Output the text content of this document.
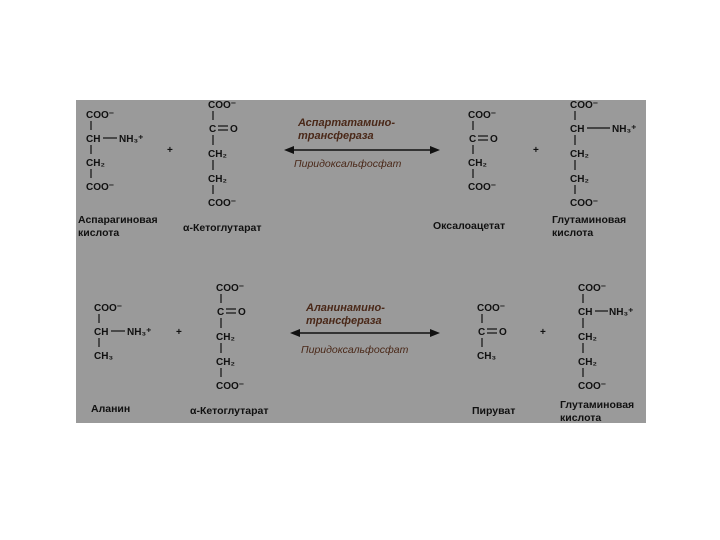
COO⁻
CH NH₃⁺
CH₂
COO⁻
Аспарагиновая
кислота
+
COO⁻
C O
CH₂
CH₂
COO⁻
α-Кетоглутарат
Аспартатамино-
трансфераза
Пиридоксальфосфат
COO⁻
C O
CH₂
COO⁻
Оксалоацетат
+
COO⁻
CH	NH₃⁺
CH₂
CH₂
COO⁻
Глутаминовая
кислота
COO⁻
CH NH₃⁺
CH₃
Аланин
+
COO⁻
C O
CH₂
CH₂
COO⁻
α-Кетоглутарат
Аланинамино-
трансфераза
Пиридоксальфосфат
COO⁻
C O
CH₃
Пируват
+
COO⁻
CH NH₃⁺
CH₂
CH₂
COO⁻
Глутаминовая
кислота
